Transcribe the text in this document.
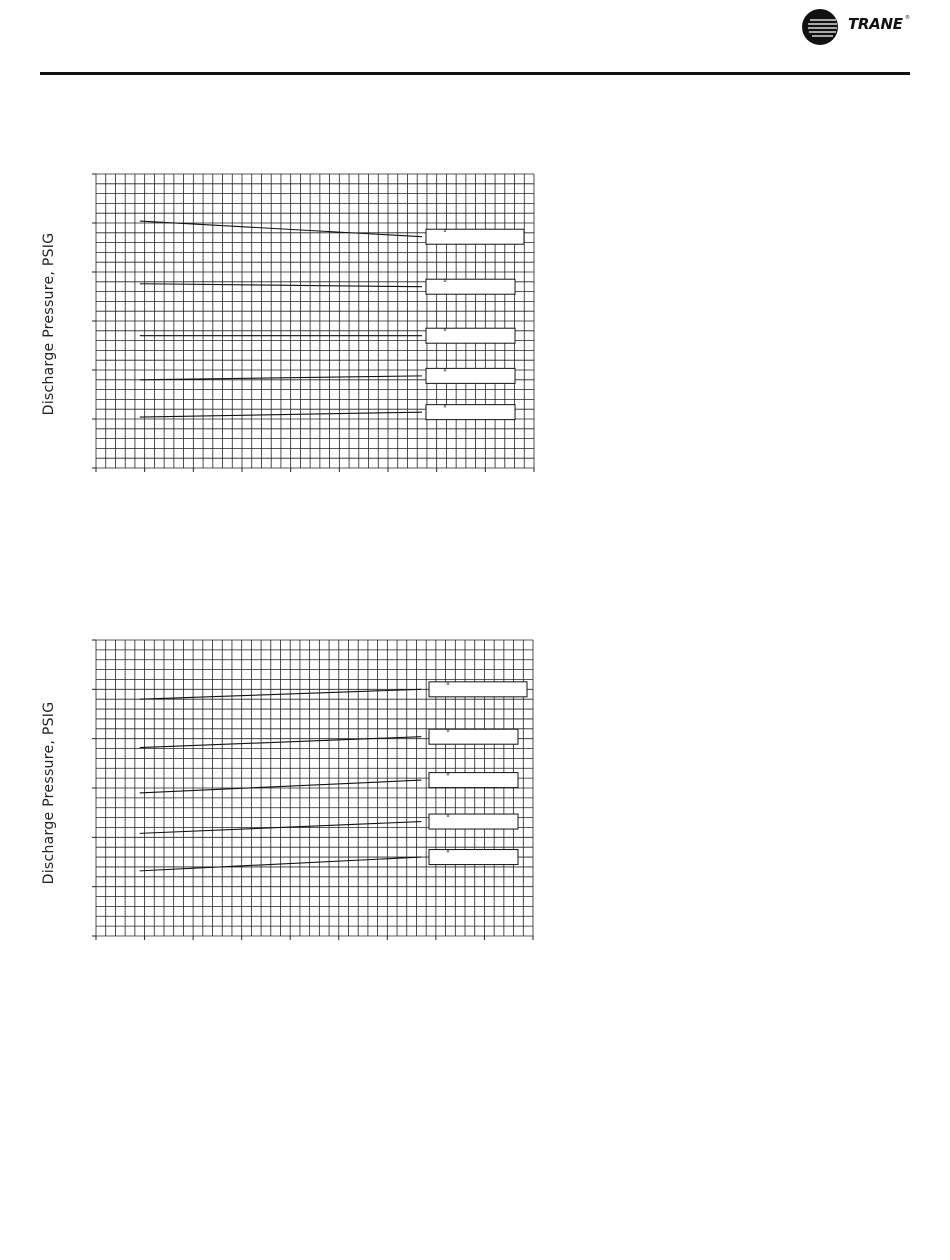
TRANE ®
Discharge Pressure, PSIG	°
°
°
°
°
Discharge Pressure, PSIG
°
°
°
°
°
